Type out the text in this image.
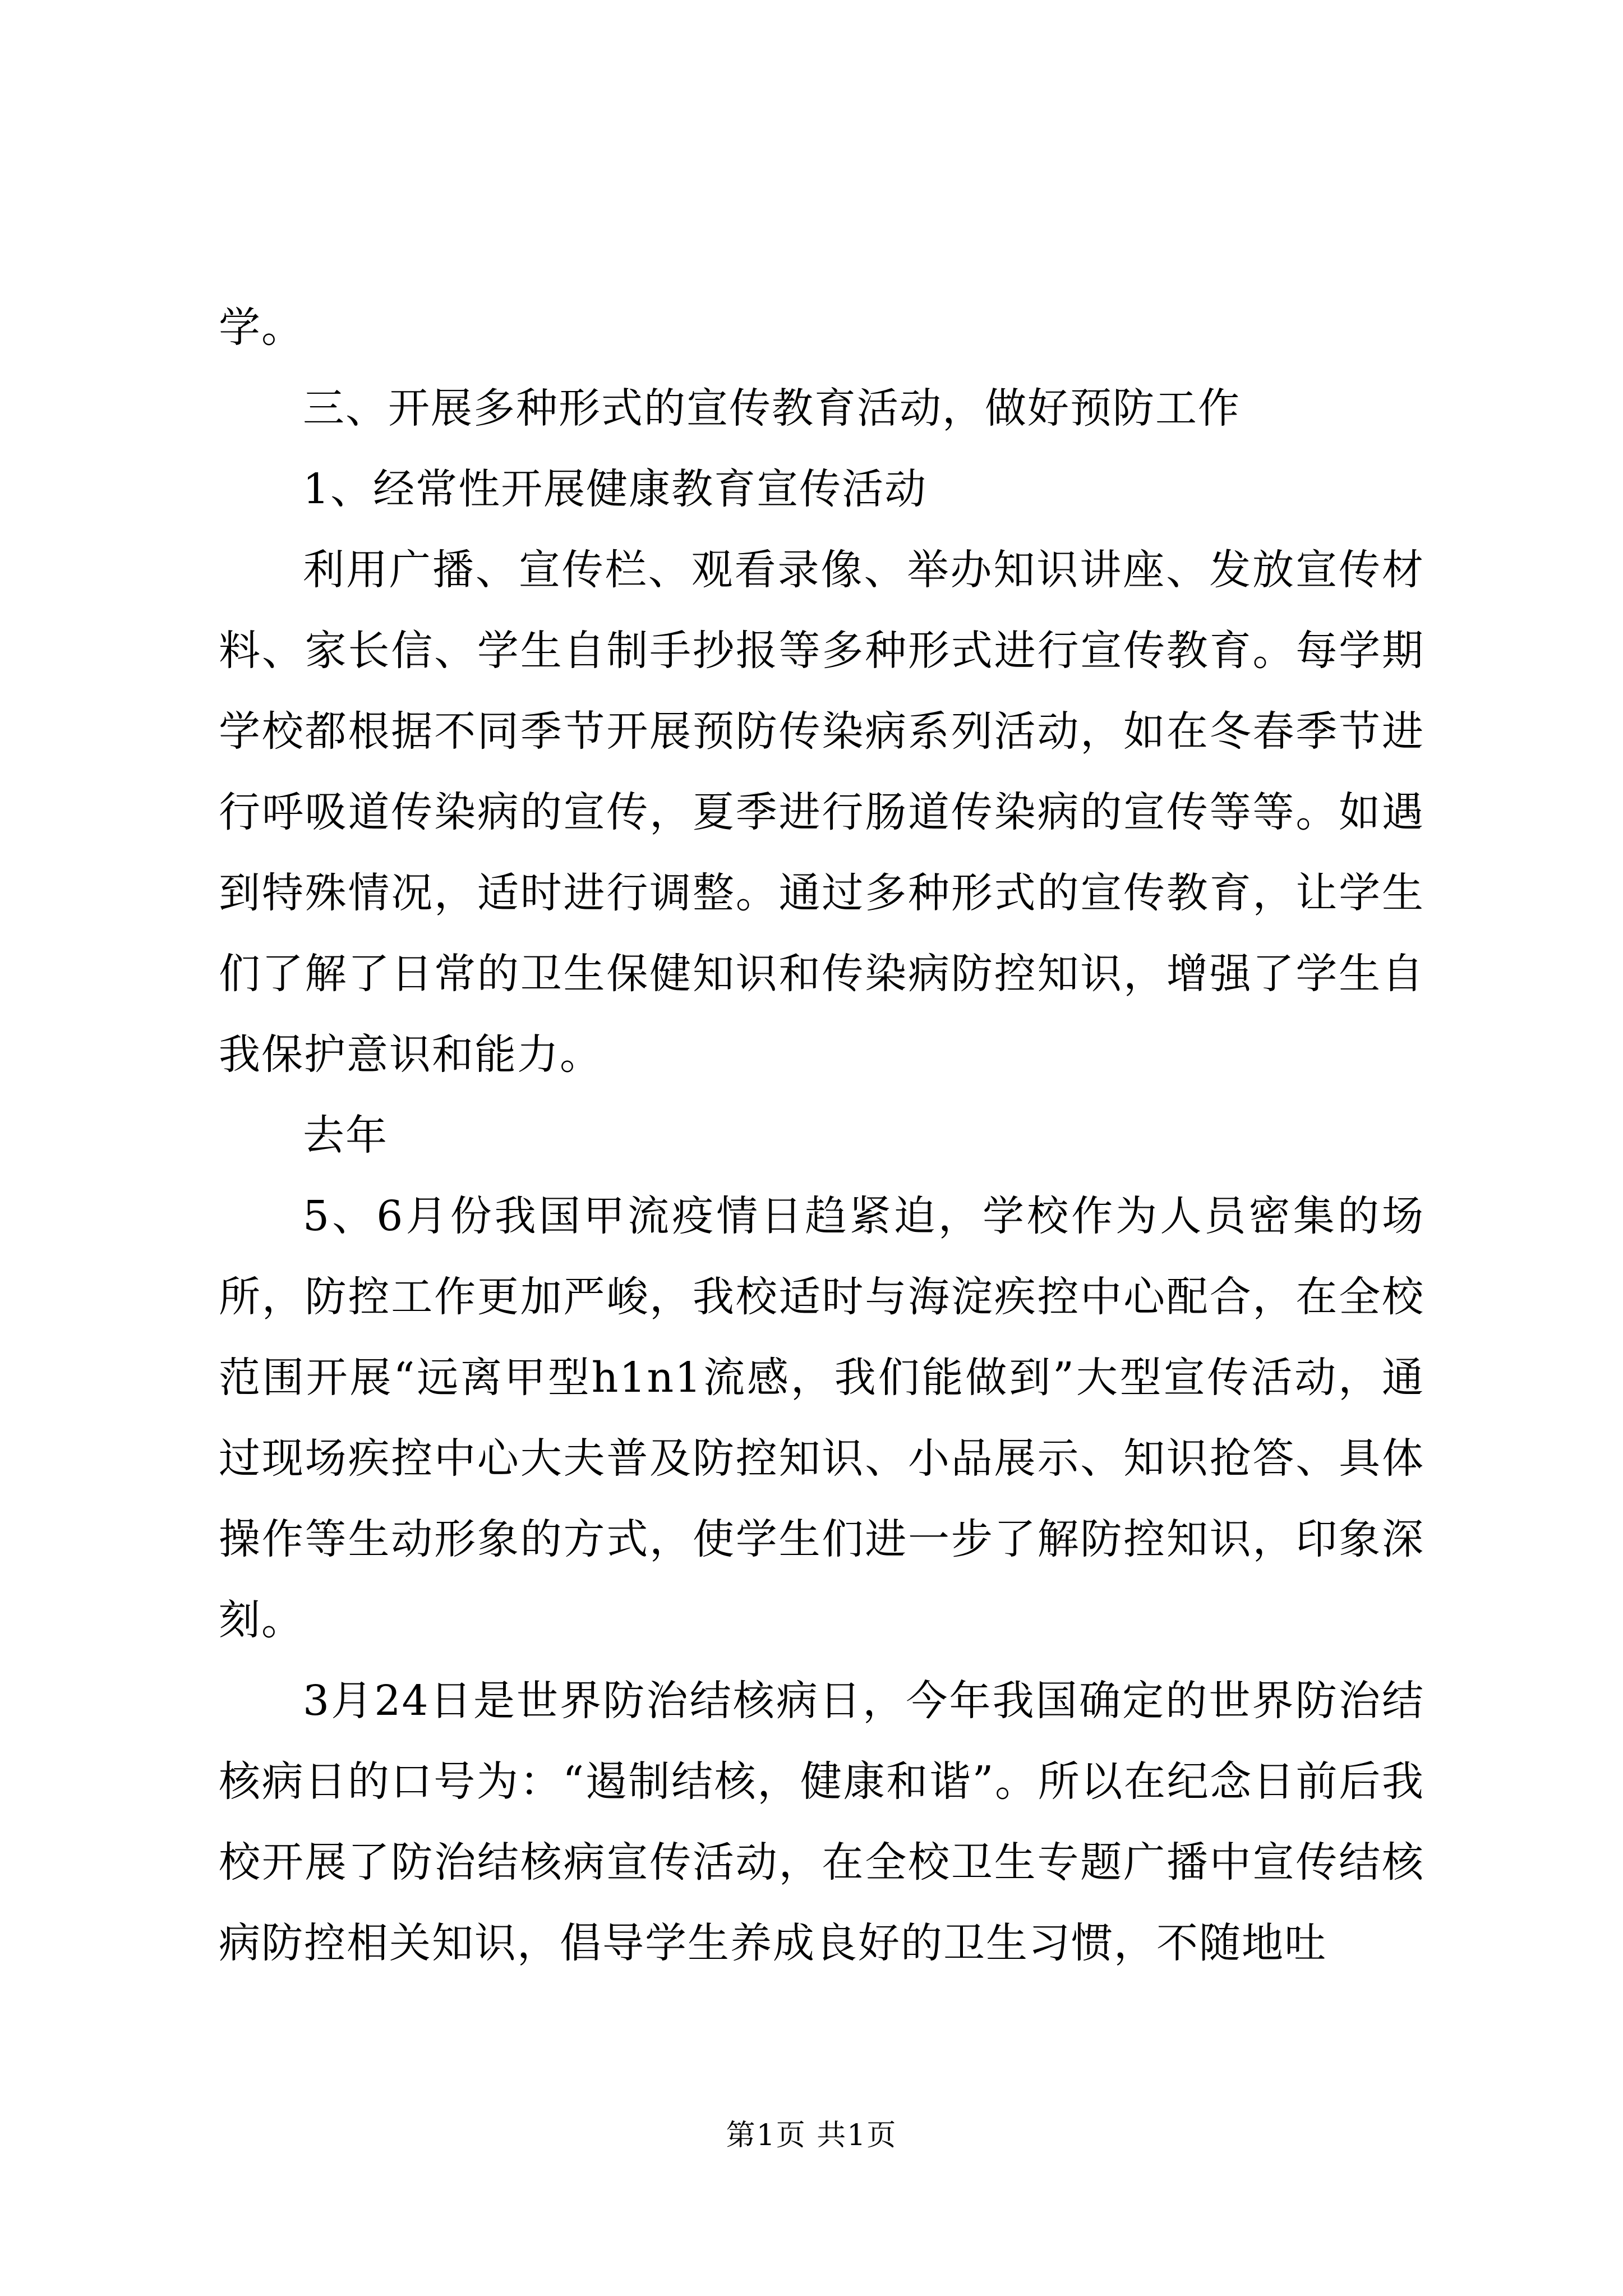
学。

三、开展多种形式的宣传教育活动，做好预防工作

1、经常性开展健康教育宣传活动

利用广播、宣传栏、观看录像、举办知识讲座、发放宣传材料、家长信、学生自制手抄报等多种形式进行宣传教育。每学期学校都根据不同季节开展预防传染病系列活动，如在冬春季节进行呼吸道传染病的宣传，夏季进行肠道传染病的宣传等等。如遇到特殊情况，适时进行调整。通过多种形式的宣传教育，让学生们了解了日常的卫生保健知识和传染病防控知识，增强了学生自我保护意识和能力。

去年

5、6月份我国甲流疫情日趋紧迫，学校作为人员密集的场所，防控工作更加严峻，我校适时与海淀疾控中心配合，在全校范围开展“远离甲型h1n1流感，我们能做到”大型宣传活动，通过现场疾控中心大夫普及防控知识、小品展示、知识抢答、具体操作等生动形象的方式，使学生们进一步了解防控知识，印象深刻。

3月24日是世界防治结核病日，今年我国确定的世界防治结核病日的口号为：“遏制结核，健康和谐”。所以在纪念日前后我校开展了防治结核病宣传活动，在全校卫生专题广播中宣传结核病防控相关知识，倡导学生养成良好的卫生习惯，不随地吐

第1页 共1页
